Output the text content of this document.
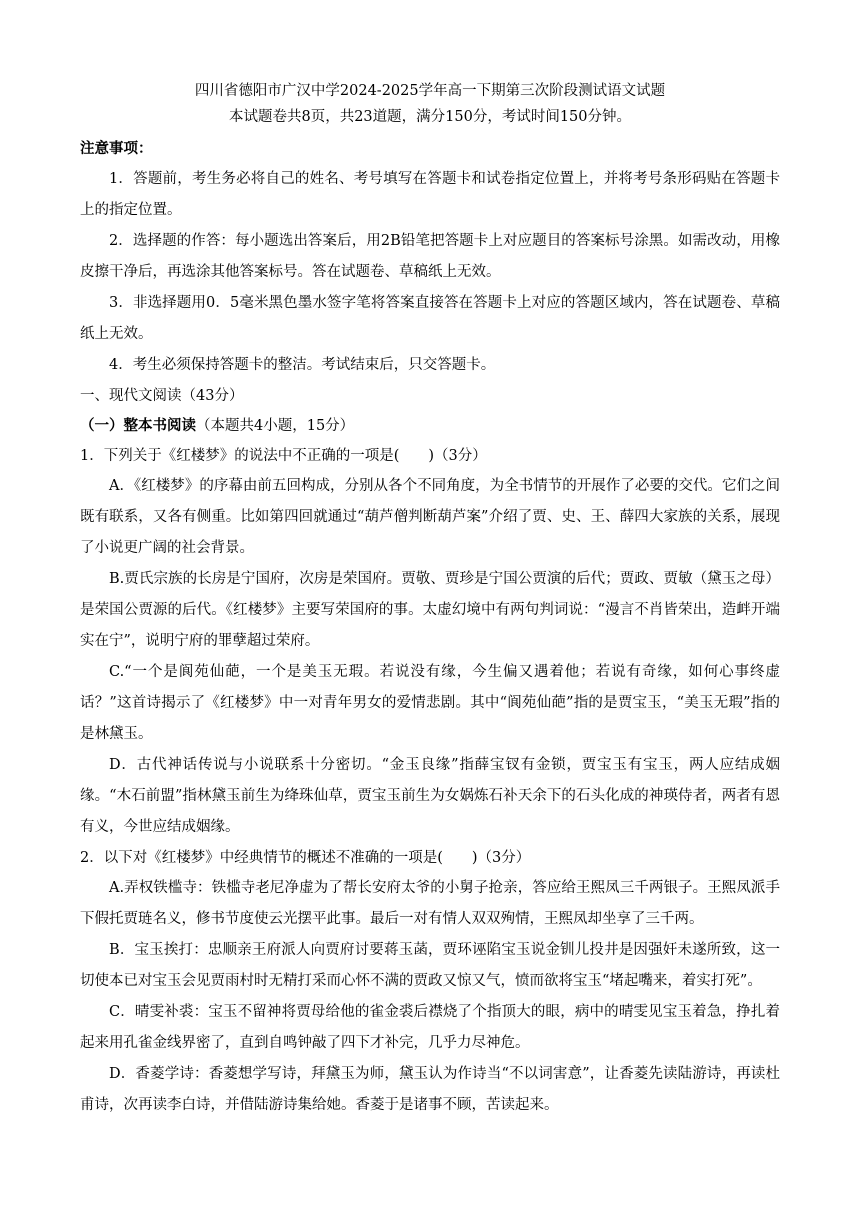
四川省德阳市广汉中学2024-2025学年高一下期第三次阶段测试语文试题
本试题卷共8页，共23道题，满分150分，考试时间150分钟。
注意事项：

1．答题前，考生务必将自己的姓名、考号填写在答题卡和试卷指定位置上，并将考号条形码贴在答题卡上的指定位置。

2．选择题的作答：每小题选出答案后，用2B铅笔把答题卡上对应题目的答案标号涂黑。如需改动，用橡皮擦干净后，再选涂其他答案标号。答在试题卷、草稿纸上无效。

3．非选择题用0．5毫米黑色墨水签字笔将答案直接答在答题卡上对应的答题区域内，答在试题卷、草稿纸上无效。

4．考生必须保持答题卡的整洁。考试结束后，只交答题卡。

一、现代文阅读（43分）
（一）整本书阅读（本题共4小题，15分）

1．下列关于《红楼梦》的说法中不正确的一项是(　　)（3分）

A．《红楼梦》的序幕由前五回构成，分别从各个不同角度，为全书情节的开展作了必要的交代。它们之间既有联系，又各有侧重。比如第四回就通过“葫芦僧判断葫芦案”介绍了贾、史、王、薛四大家族的关系，展现了小说更广阔的社会背景。

B.贾氏宗族的长房是宁国府，次房是荣国府。贾敬、贾珍是宁国公贾演的后代；贾政、贾敏（黛玉之母）是荣国公贾源的后代。《红楼梦》主要写荣国府的事。太虚幻境中有两句判词说：“漫言不肖皆荣出，造衅开端实在宁”，说明宁府的罪孽超过荣府。

C.“一个是阆苑仙葩，一个是美玉无瑕。若说没有缘，今生偏又遇着他；若说有奇缘，如何心事终虚话？”这首诗揭示了《红楼梦》中一对青年男女的爱情悲剧。其中“阆苑仙葩”指的是贾宝玉，“美玉无瑕”指的是林黛玉。

D．古代神话传说与小说联系十分密切。“金玉良缘”指薛宝钗有金锁，贾宝玉有宝玉，两人应结成姻缘。“木石前盟”指林黛玉前生为绛珠仙草，贾宝玉前生为女娲炼石补天余下的石头化成的神瑛侍者，两者有恩有义，今世应结成姻缘。

2．以下对《红楼梦》中经典情节的概述不准确的一项是(　　)（3分）

A.弄权铁槛寺：铁槛寺老尼净虚为了帮长安府太爷的小舅子抢亲，答应给王熙凤三千两银子。王熙凤派手下假托贾琏名义，修书节度使云光摆平此事。最后一对有情人双双殉情，王熙凤却坐享了三千两。

B．宝玉挨打：忠顺亲王府派人向贾府讨要蒋玉菡，贾环诬陷宝玉说金钏儿投井是因强奸未遂所致，这一切使本已对宝玉会见贾雨村时无精打采而心怀不满的贾政又惊又气，愤而欲将宝玉“堵起嘴来，着实打死”。

C．晴雯补裘：宝玉不留神将贾母给他的雀金裘后襟烧了个指顶大的眼，病中的晴雯见宝玉着急，挣扎着起来用孔雀金线界密了，直到自鸣钟敲了四下才补完，几乎力尽神危。

D．香菱学诗：香菱想学写诗，拜黛玉为师，黛玉认为作诗当“不以词害意”，让香菱先读陆游诗，再读杜甫诗，次再读李白诗，并借陆游诗集给她。香菱于是诸事不顾，苦读起来。
